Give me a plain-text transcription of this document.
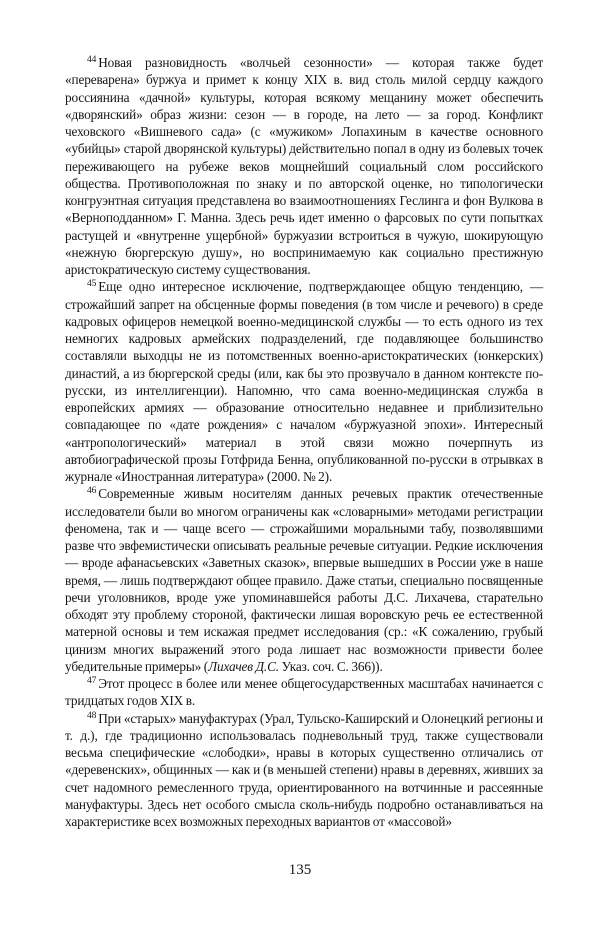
$^{44}$ Новая разновидность «волчьей сезонности» — которая также будет «переварена» буржуа и примет к концу XIX в. вид столь милой сердцу каждого россиянина «дачной» культуры, которая всякому мещанину может обеспечить «дворянский» образ жизни: сезон — в городе, на лето — за город. Конфликт чеховского «Вишневого сада» (с «мужиком» Лопахиным в качестве основного «убийцы» старой дворянской культуры) действительно попал в одну из болевых точек переживающего на рубеже веков мощнейший социальный слом российского общества. Противоположная по знаку и по авторской оценке, но типологически конгруэнтная ситуация представлена во взаимоотношениях Геслинга и фон Вулкова в «Верноподданном» Г. Манна. Здесь речь идет именно о фарсовых по сути попытках растущей и «внутренне ущербной» буржуазии встроиться в чужую, шокирующую «нежную бюргерскую душу», но воспринимаемую как социально престижную аристократическую систему существования.

$^{45}$ Еще одно интересное исключение, подтверждающее общую тенденцию, — строжайший запрет на обсценные формы поведения (в том числе и речевого) в среде кадровых офицеров немецкой военно-медицинской службы — то есть одного из тех немногих кадровых армейских подразделений, где подавляющее большинство составляли выходцы не из потомственных военно-аристократических (юнкерских) династий, а из бюргерской среды (или, как бы это прозвучало в данном контексте по-русски, из интеллигенции). Напомню, что сама военно-медицинская служба в европейских армиях — образование относительно недавнее и приблизительно совпадающее по «дате рождения» с началом «буржуазной эпохи». Интересный «антропологический» материал в этой связи можно почерпнуть из автобиографической прозы Готфрида Бенна, опубликованной по-русски в отрывках в журнале «Иностранная литература» (2000. № 2).

$^{46}$ Современные живым носителям данных речевых практик отечественные исследователи были во многом ограничены как «словарными» методами регистрации феномена, так и — чаще всего — строжайшими моральными табу, позволявшими разве что эвфемистически описывать реальные речевые ситуации. Редкие исключения — вроде афанасьевских «Заветных сказок», впервые вышедших в России уже в наше время, — лишь подтверждают общее правило. Даже статьи, специально посвященные речи уголовников, вроде уже упоминавшейся работы Д.С. Лихачева, старательно обходят эту проблему стороной, фактически лишая воровскую речь ее естественной матерной основы и тем искажая предмет исследования (ср.: «К сожалению, грубый цинизм многих выражений этого рода лишает нас возможности привести более убедительные примеры» (Лихачев Д.С. Указ. соч. С. 366)).

$^{47}$ Этот процесс в более или менее общегосударственных масштабах начинается с тридцатых годов XIX в.

$^{48}$ При «старых» мануфактурах (Урал, Тульско-Каширский и Олонецкий регионы и т. д.), где традиционно использовалась подневольный труд, также существовали весьма специфические «слободки», нравы в которых существенно отличались от «деревенских», общинных — как и (в меньшей степени) нравы в деревнях, живших за счет надомного ремесленного труда, ориентированного на вотчинные и рассеянные мануфактуры. Здесь нет особого смысла сколь-нибудь подробно останавливаться на характеристике всех возможных переходных вариантов от «массовой»

135
